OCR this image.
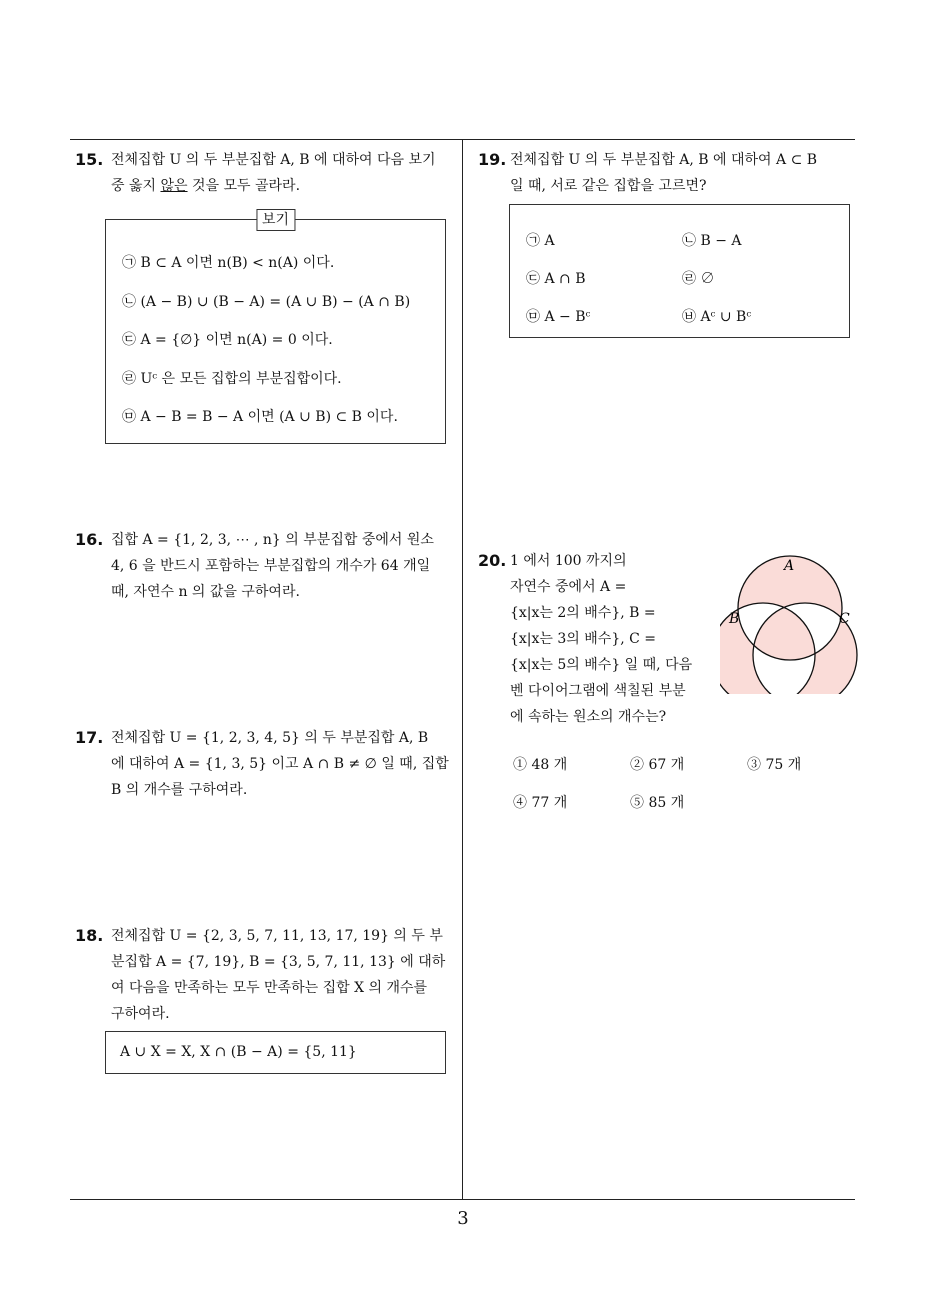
15. 전체집합 U 의 두 부분집합 A, B 에 대하여 다음 보기

중 옳지 않은 것을 모두 골라라.

보기
㉠ B ⊂ A 이면 n(B) < n(A) 이다.
㉡ (A − B) ∪ (B − A) = (A ∪ B) − (A ∩ B)
㉢ A = {∅} 이면 n(A) = 0 이다.
㉣ Uᶜ 은 모든 집합의 부분집합이다.
㉤ A − B = B − A 이면 (A ∪ B) ⊂ B 이다.
16. 집합 A = {1, 2, 3, ⋯ , n} 의 부분집합 중에서 원소

4, 6 을 반드시 포함하는 부분집합의 개수가 64 개일

때, 자연수 n 의 값을 구하여라.

17. 전체집합 U = {1, 2, 3, 4, 5} 의 두 부분집합 A, B

에 대하여 A = {1, 3, 5} 이고 A ∩ B ≠ ∅ 일 때, 집합

B 의 개수를 구하여라.

18. 전체집합 U = {2, 3, 5, 7, 11, 13, 17, 19} 의 두 부

분집합 A = {7, 19}, B = {3, 5, 7, 11, 13} 에 대하

여 다음을 만족하는 모두 만족하는 집합 X 의 개수를

구하여라.

A ∪ X = X, X ∩ (B − A) = {5, 11}
19. 전체집합 U 의 두 부분집합 A, B 에 대하여 A ⊂ B

일 때, 서로 같은 집합을 고르면?

㉠ A	㉡ B − A
㉢ A ∩ B	㉣ ∅
㉤ A − Bᶜ	㉥ Aᶜ ∪ Bᶜ
20. 1 에서 100 까지의

자연수 중에서 A =

{x|x는 2의 배수}, B =

{x|x는 3의 배수}, C =

{x|x는 5의 배수} 일 때, 다음

벤 다이어그램에 색칠된 부분

에 속하는 원소의 개수는?

A
B	C
① 48 개	② 67 개	③ 75 개
④ 77 개	⑤ 85 개
3
